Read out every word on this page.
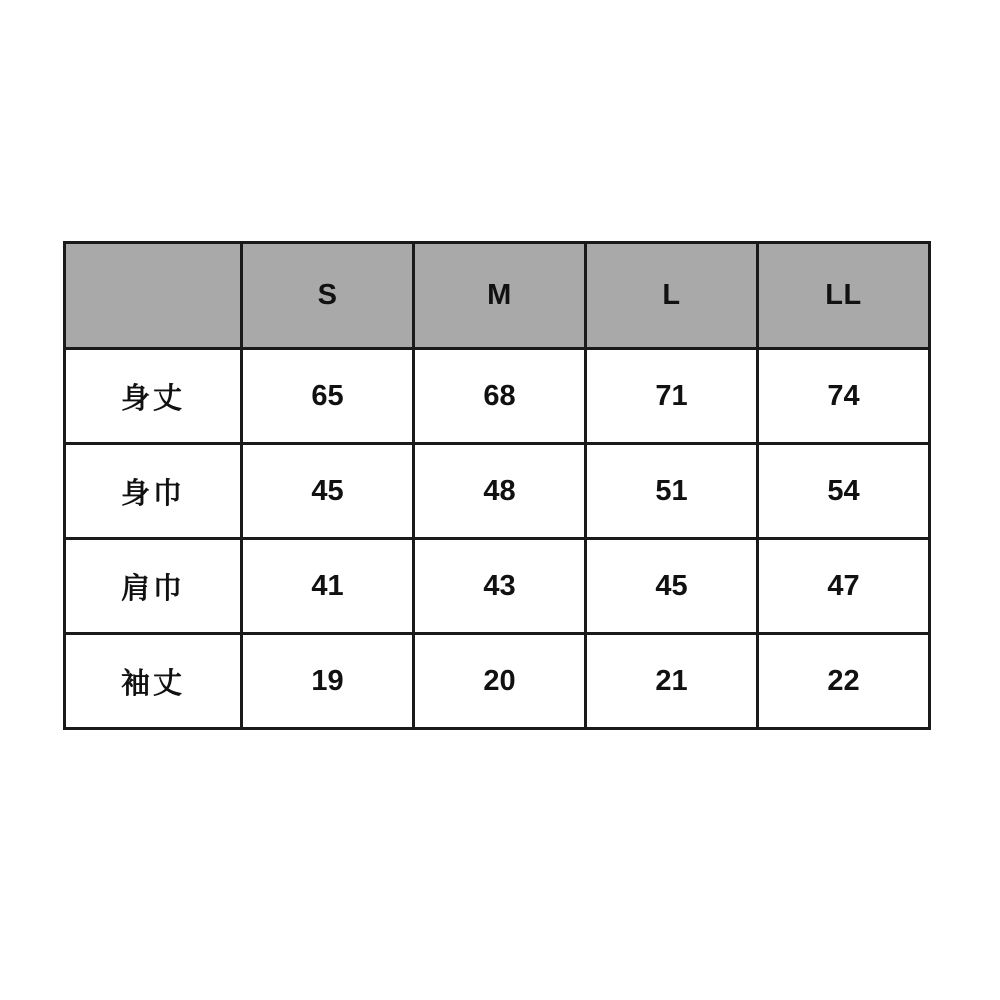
	S	M	L	LL
身丈	65	68	71	74
身巾	45	48	51	54
肩巾	41	43	45	47
袖丈	19	20	21	22
